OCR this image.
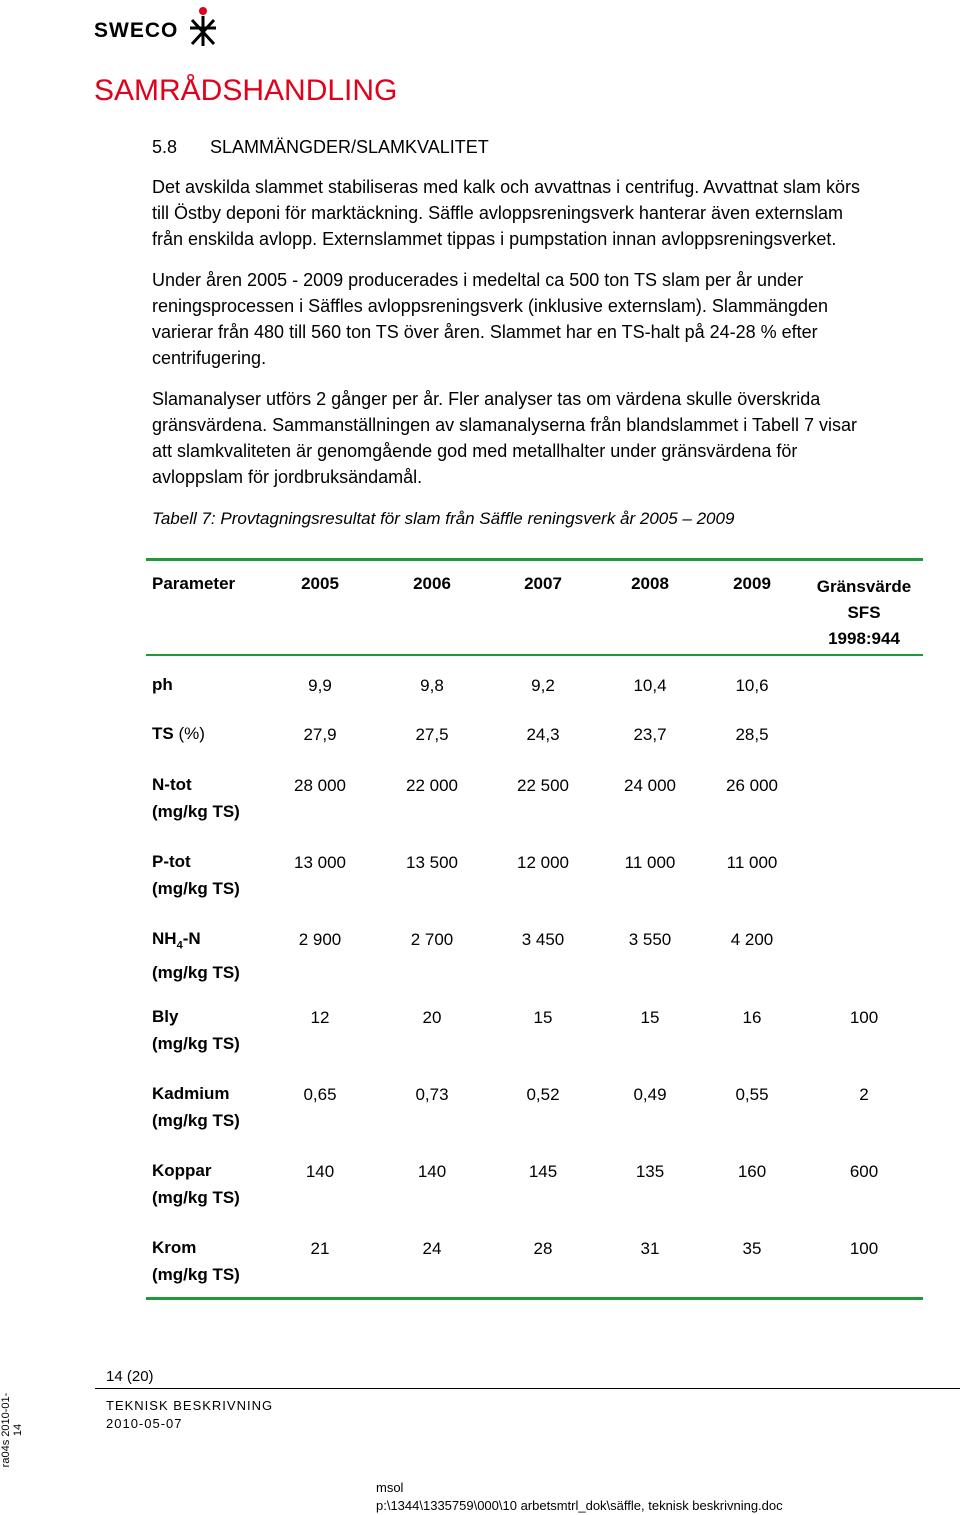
SWECO
SAMRÅDSHANDLING
5.8 SLAMMÄNGDER/SLAMKVALITET
Det avskilda slammet stabiliseras med kalk och avvattnas i centrifug. Avvattnat slam körs
till Östby deponi för marktäckning. Säffle avloppsreningsverk hanterar även externslam
från enskilda avlopp. Externslammet tippas i pumpstation innan avloppsreningsverket.
Under åren 2005 - 2009 producerades i medeltal ca 500 ton TS slam per år under
reningsprocessen i Säffles avloppsreningsverk (inklusive externslam). Slammängden
varierar från 480 till 560 ton TS över åren. Slammet har en TS-halt på 24-28 % efter
centrifugering.
Slamanalyser utförs 2 gånger per år. Fler analyser tas om värdena skulle överskrida
gränsvärdena. Sammanställningen av slamanalyserna från blandslammet i Tabell 7 visar
att slamkvaliteten är genomgående god med metallhalter under gränsvärdena för
avloppslam för jordbruksändamål.
Tabell 7: Provtagningsresultat för slam från Säffle reningsverk år 2005 – 2009
Parameter	2005	2006	2007	2008	2009	Gränsvärde
SFS
1998:944
ph	9,9	9,8	9,2	10,4	10,6
TS (%)	27,9	27,5	24,3	23,7	28,5
N-tot
(mg/kg TS)
28 000	22 000	22 500	24 000	26 000
P-tot
(mg/kg TS)
13 000	13 500	12 000	11 000	11 000
$NH_4-N$
(mg/kg TS)
2 900	2 700	3 450	3 550	4 200
Bly
(mg/kg TS)
12	20	15	15	16	100
Kadmium
(mg/kg TS)
0,65	0,73	0,52	0,49	0,55	2
Koppar
(mg/kg TS)
140	140	145	135	160	600
Krom
(mg/kg TS)
21	24	28	31	35	100
14 (20)
TEKNISK BESKRIVNING
2010-05-07
msol
p:\1344\1335759\000\10 arbetsmtrl_dok\säffle, teknisk beskrivning.doc
ra04s 2010-01-14
